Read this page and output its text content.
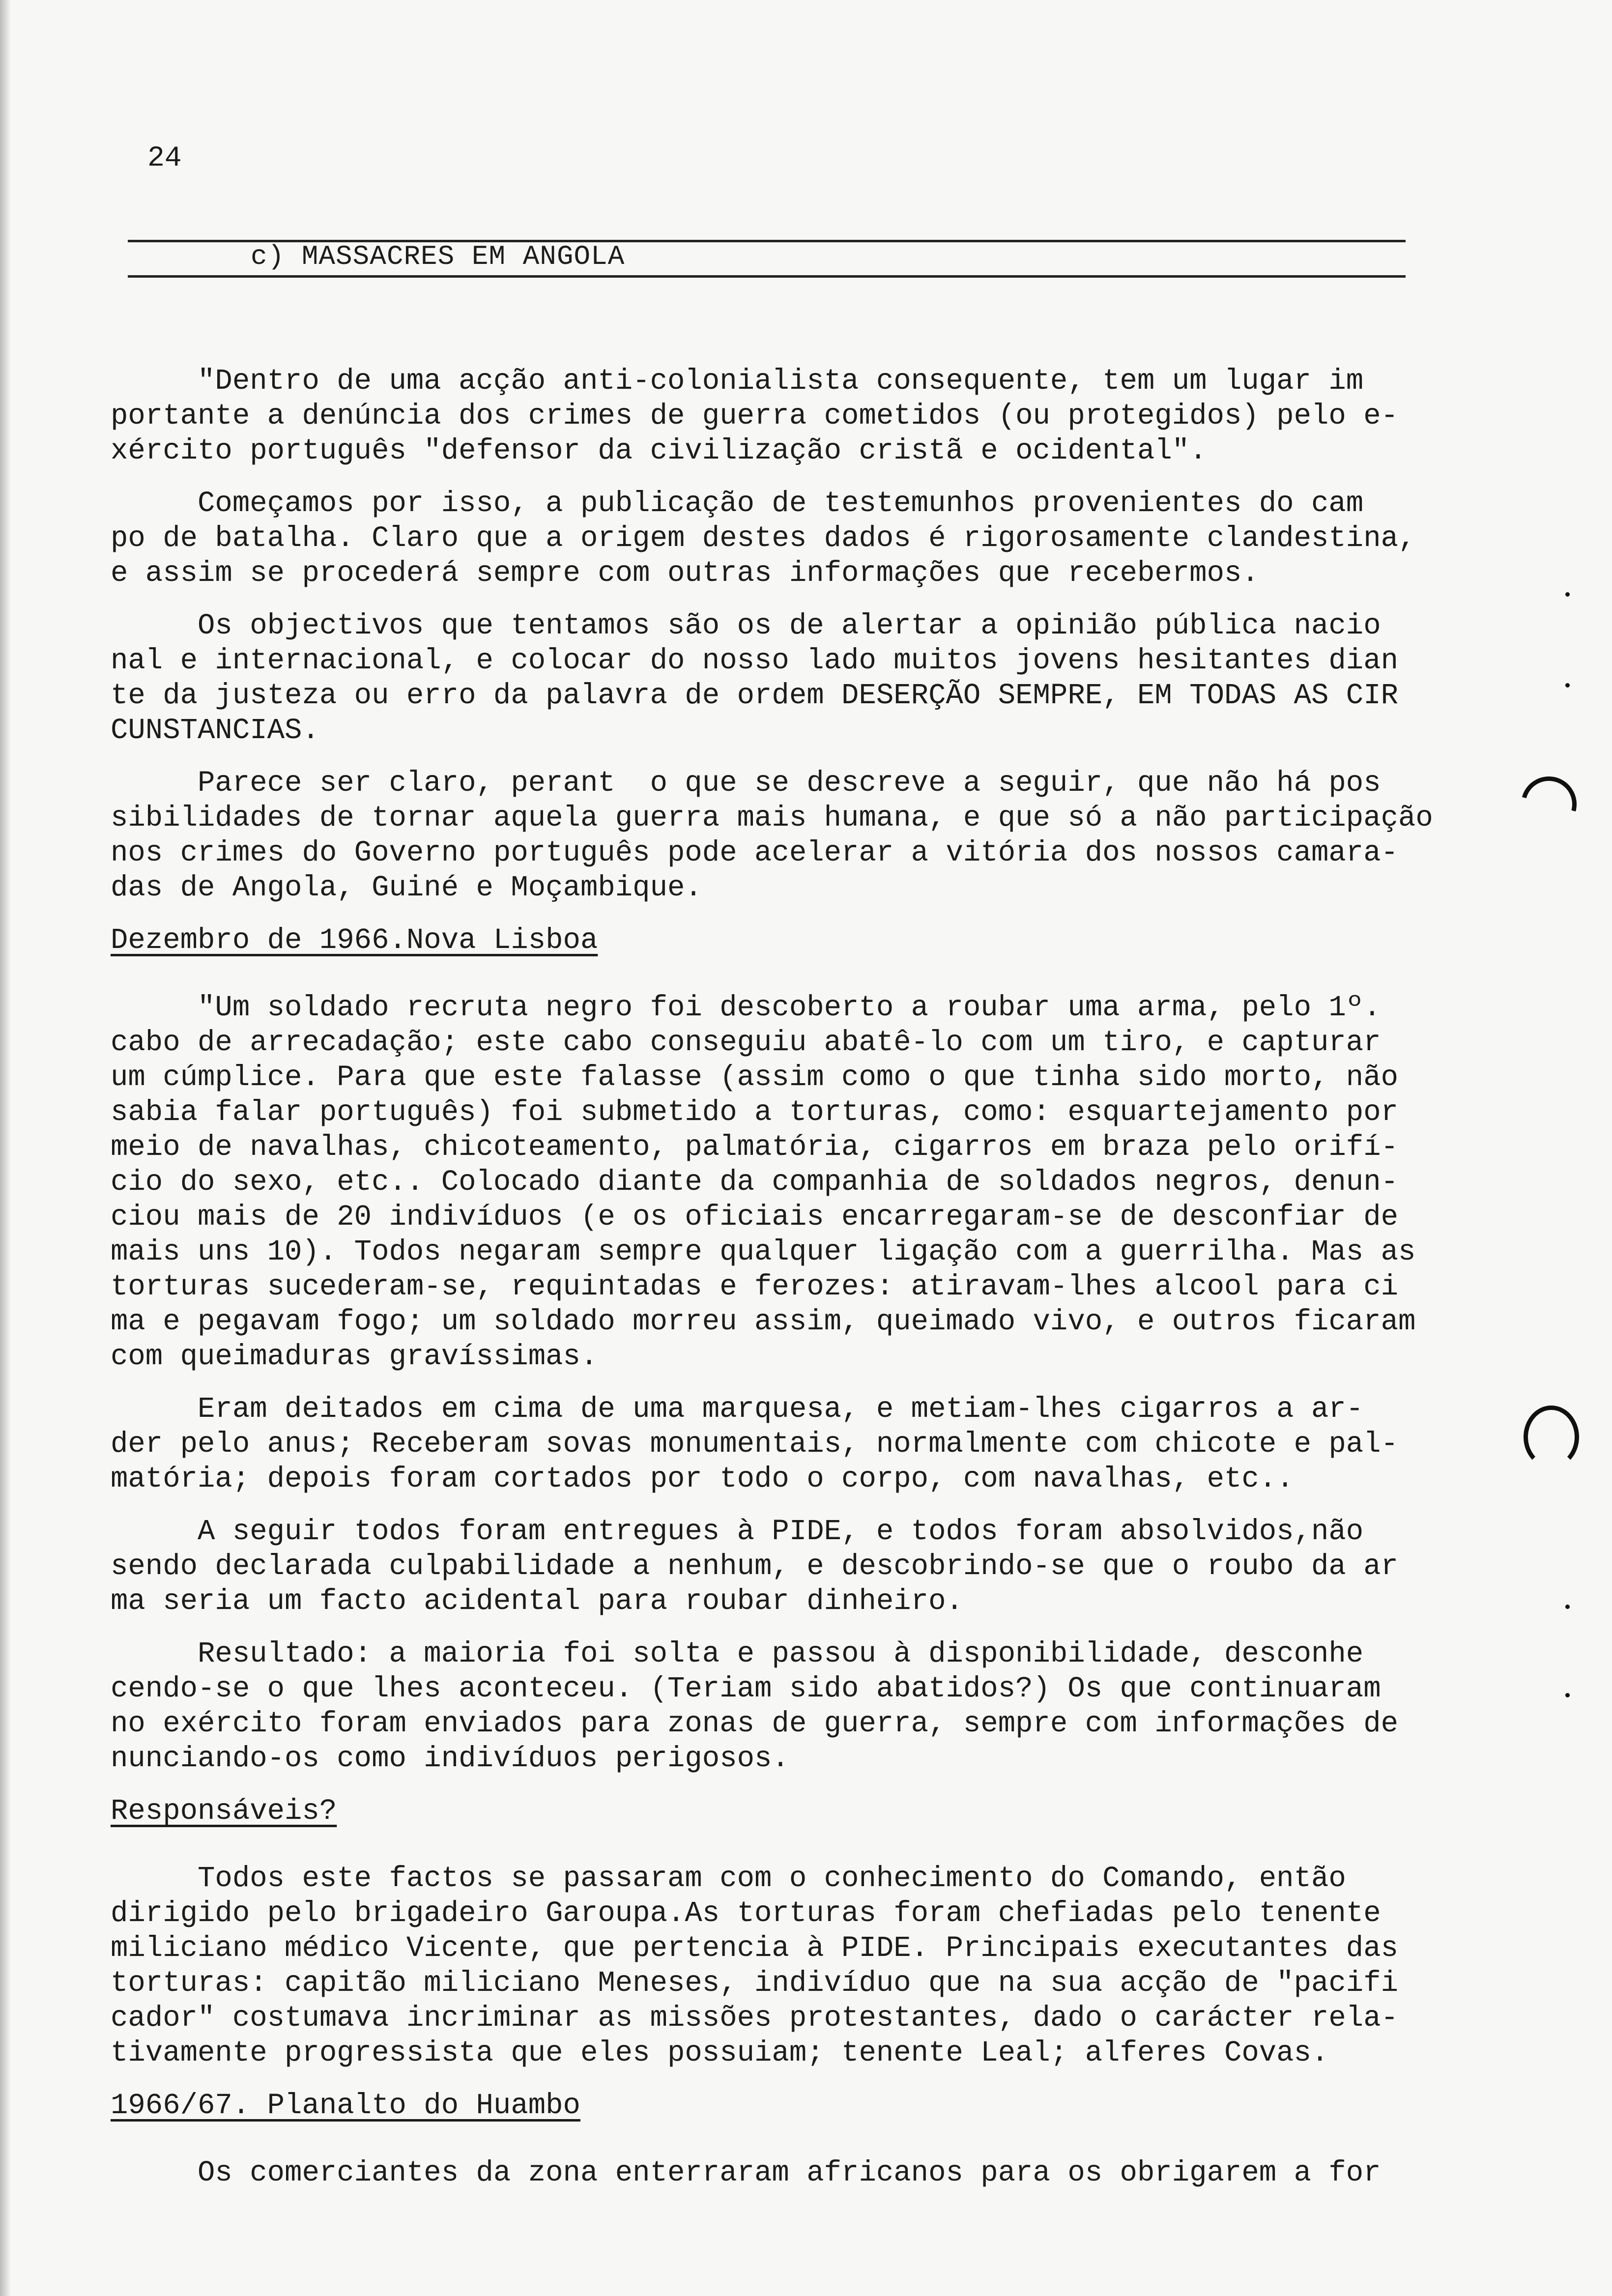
24
c) MASSACRES EM ANGOLA

"Dentro de uma acção anti-colonialista consequente, tem um lugar im
portante a denúncia dos crimes de guerra cometidos (ou protegidos) pelo e-
xército português "defensor da civilização cristã e ocidental".

Começamos por isso, a publicação de testemunhos provenientes do cam
po de batalha. Claro que a origem destes dados é rigorosamente clandestina,
e assim se procederá sempre com outras informações que recebermos.

Os objectivos que tentamos são os de alertar a opinião pública nacio
nal e internacional, e colocar do nosso lado muitos jovens hesitantes dian
te da justeza ou erro da palavra de ordem DESERÇÃO SEMPRE, EM TODAS AS CIR
CUNSTANCIAS.

Parece ser claro, perant  o que se descreve a seguir, que não há pos
sibilidades de tornar aquela guerra mais humana, e que só a não participação
nos crimes do Governo português pode acelerar a vitória dos nossos camara-
das de Angola, Guiné e Moçambique.

Dezembro de 1966.Nova Lisboa

"Um soldado recruta negro foi descoberto a roubar uma arma, pelo 1º.
cabo de arrecadação; este cabo conseguiu abatê-lo com um tiro, e capturar
um cúmplice. Para que este falasse (assim como o que tinha sido morto, não
sabia falar português) foi submetido a torturas, como: esquartejamento por
meio de navalhas, chicoteamento, palmatória, cigarros em braza pelo orifí-
cio do sexo, etc.. Colocado diante da companhia de soldados negros, denun-
ciou mais de 20 indivíduos (e os oficiais encarregaram-se de desconfiar de
mais uns 10). Todos negaram sempre qualquer ligação com a guerrilha. Mas as
torturas sucederam-se, requintadas e ferozes: atiravam-lhes alcool para ci
ma e pegavam fogo; um soldado morreu assim, queimado vivo, e outros ficaram
com queimaduras gravíssimas.

Eram deitados em cima de uma marquesa, e metiam-lhes cigarros a ar-
der pelo anus; Receberam sovas monumentais, normalmente com chicote e pal-
matória; depois foram cortados por todo o corpo, com navalhas, etc..

A seguir todos foram entregues à PIDE, e todos foram absolvidos,não
sendo declarada culpabilidade a nenhum, e descobrindo-se que o roubo da ar
ma seria um facto acidental para roubar dinheiro.

Resultado: a maioria foi solta e passou à disponibilidade, desconhe
cendo-se o que lhes aconteceu. (Teriam sido abatidos?) Os que continuaram
no exército foram enviados para zonas de guerra, sempre com informações de
nunciando-os como indivíduos perigosos.

Responsáveis?

Todos este factos se passaram com o conhecimento do Comando, então
dirigido pelo brigadeiro Garoupa.As torturas foram chefiadas pelo tenente
miliciano médico Vicente, que pertencia à PIDE. Principais executantes das
torturas: capitão miliciano Meneses, indivíduo que na sua acção de "pacifi
cador" costumava incriminar as missões protestantes, dado o carácter rela-
tivamente progressista que eles possuiam; tenente Leal; alferes Covas.

1966/67. Planalto do Huambo

Os comerciantes da zona enterraram africanos para os obrigarem a for
